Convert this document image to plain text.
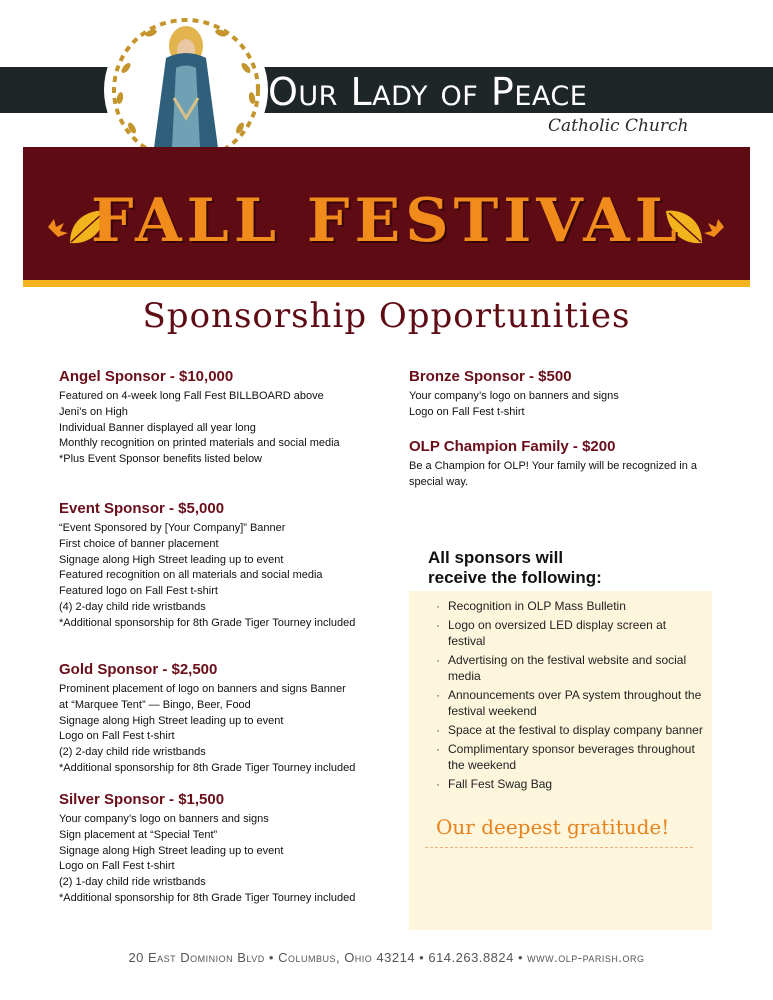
Our Lady of Peace
Catholic Church
FALL FESTIVAL
Sponsorship Opportunities
Angel Sponsor - $10,000
Featured on 4-week long Fall Fest BILLBOARD above
Jeni’s on High
Individual Banner displayed all year long
Monthly recognition on printed materials and social media
*Plus Event Sponsor benefits listed below
Event Sponsor - $5,000
“Event Sponsored by [Your Company]” Banner
First choice of banner placement
Signage along High Street leading up to event
Featured recognition on all materials and social media
Featured logo on Fall Fest t-shirt
(4) 2-day child ride wristbands
*Additional sponsorship for 8th Grade Tiger Tourney included
Gold Sponsor - $2,500
Prominent placement of logo on banners and signs Banner
at “Marquee Tent” — Bingo, Beer, Food
Signage along High Street leading up to event
Logo on Fall Fest t-shirt
(2) 2-day child ride wristbands
*Additional sponsorship for 8th Grade Tiger Tourney included
Silver Sponsor - $1,500
Your company’s logo on banners and signs
Sign placement at “Special Tent”
Signage along High Street leading up to event
Logo on Fall Fest t-shirt
(2) 1-day child ride wristbands
*Additional sponsorship for 8th Grade Tiger Tourney included
Bronze Sponsor - $500
Your company’s logo on banners and signs
Logo on Fall Fest t-shirt
OLP Champion Family - $200
Be a Champion for OLP! Your family will be recognized in a
special way.
All sponsors will
receive the following:
· Recognition in OLP Mass Bulletin
· Logo on oversized LED display screen at festival
· Advertising on the festival website and social media
· Announcements over PA system throughout the festival weekend
· Space at the festival to display company banner
· Complimentary sponsor beverages throughout the weekend
· Fall Fest Swag Bag
Our deepest gratitude!
20 East Dominion Blvd • Columbus, Ohio 43214 • 614.263.8824 • www.olp-parish.org
